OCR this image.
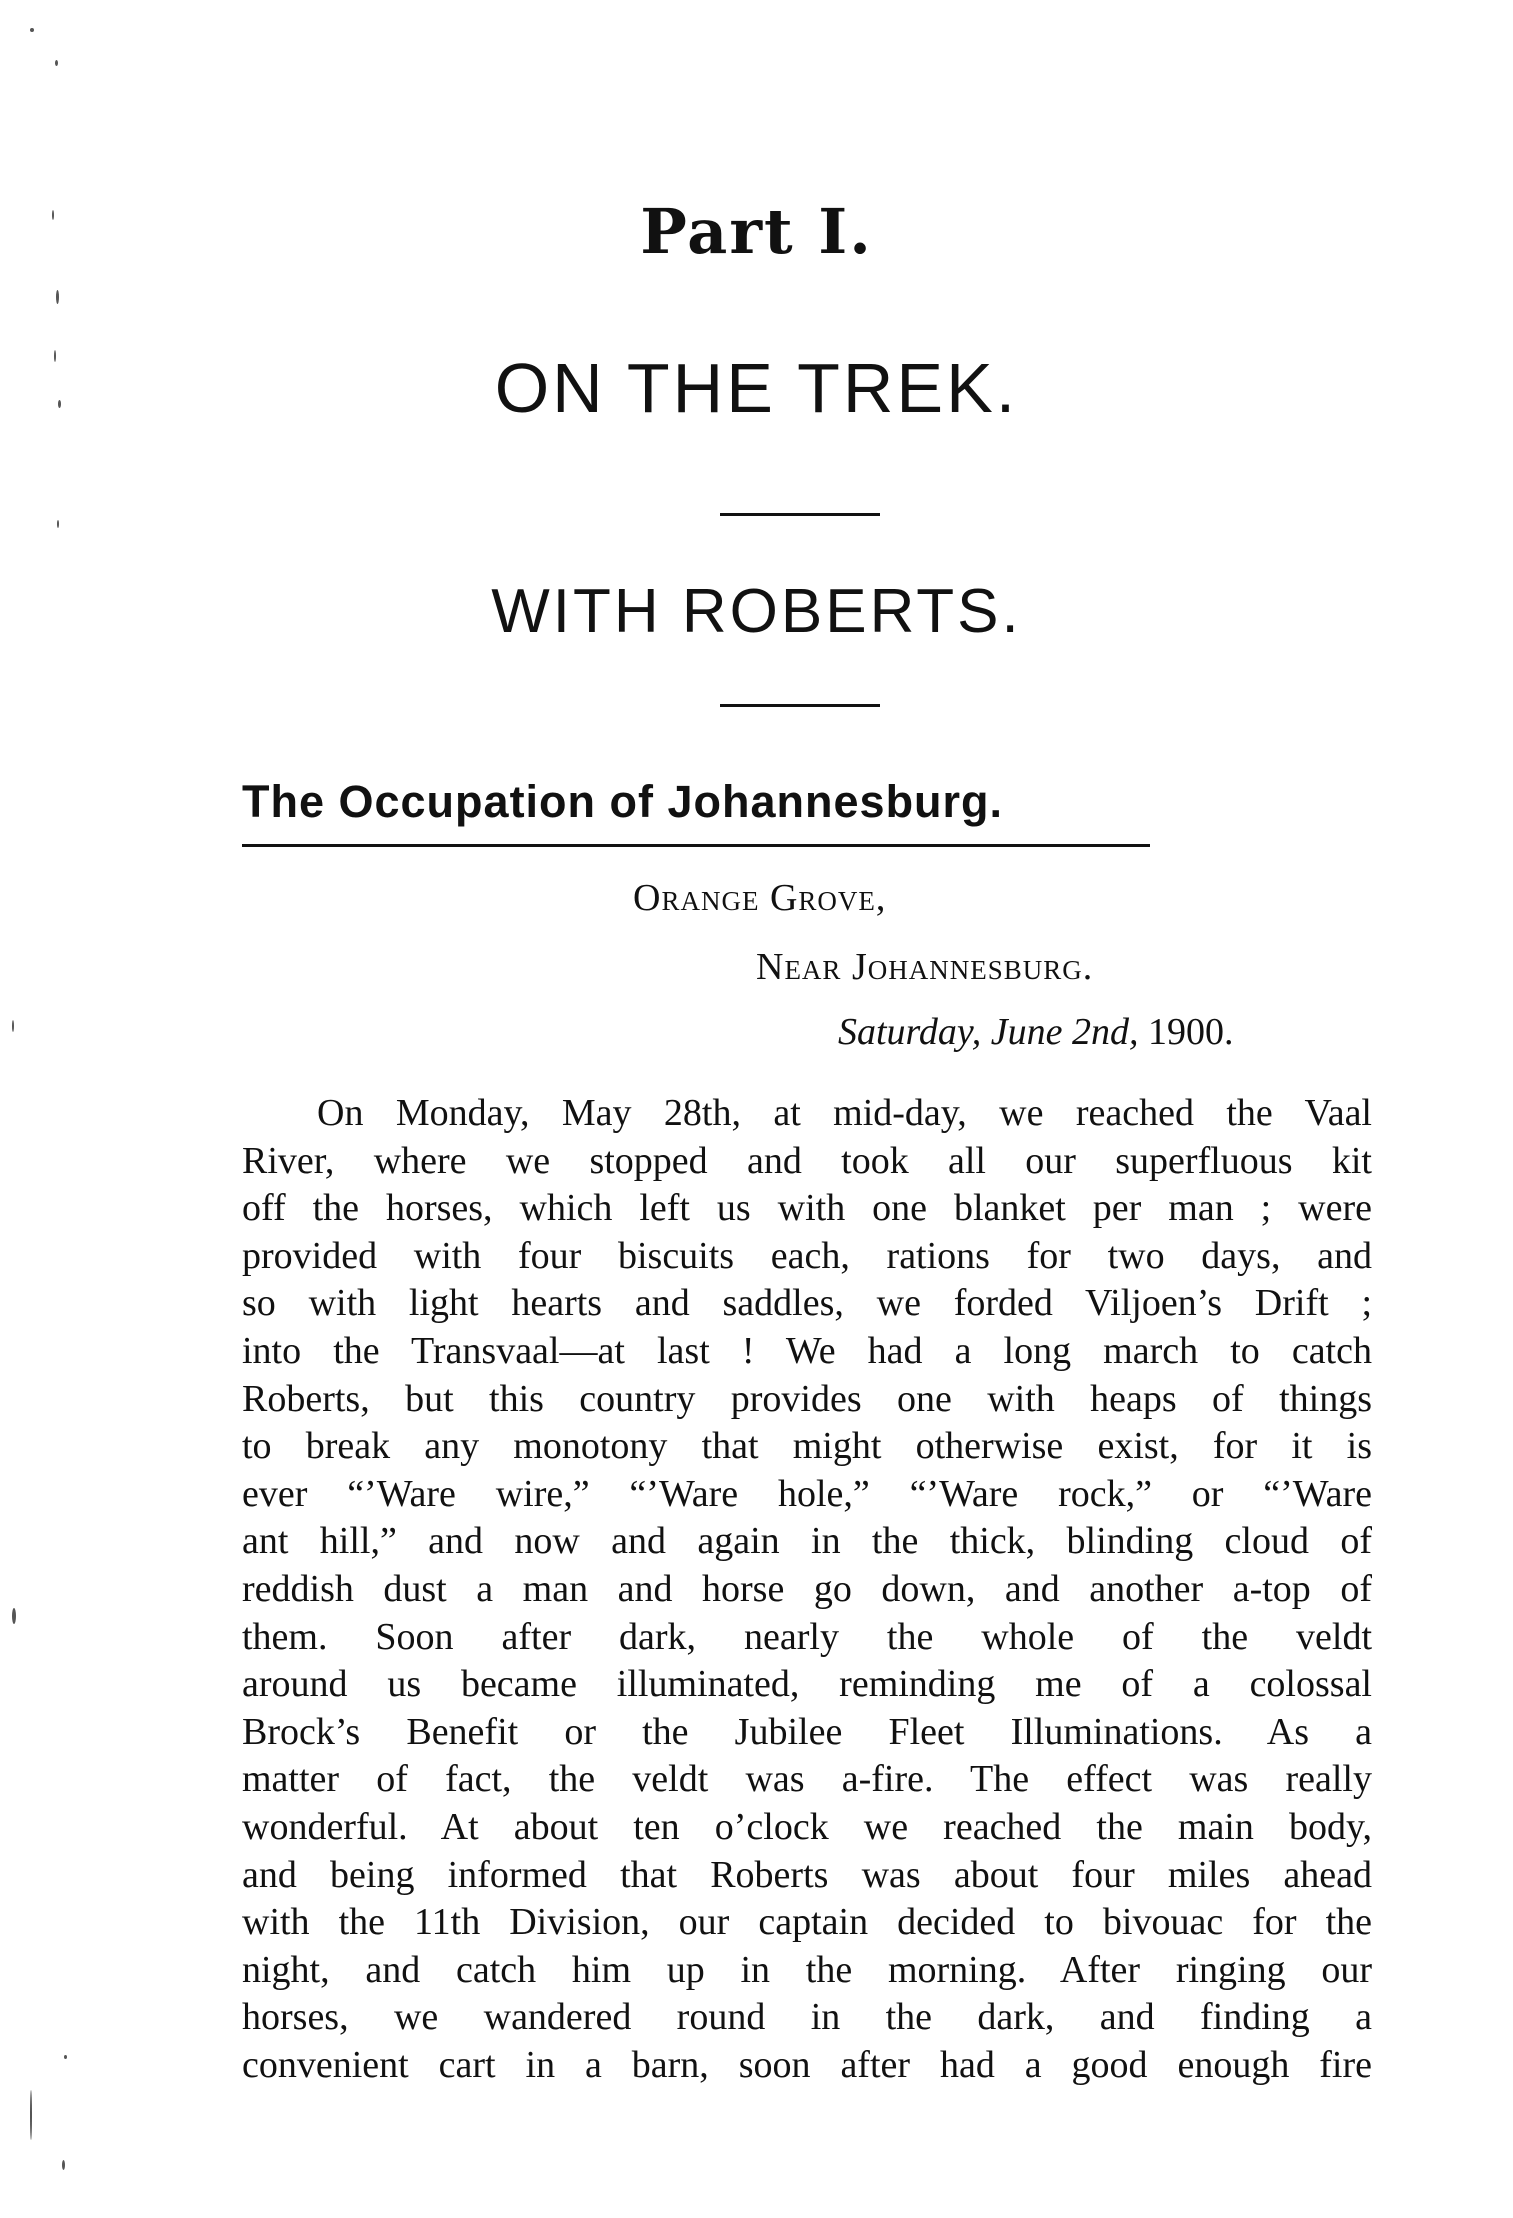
Part I.
ON THE TREK.
WITH ROBERTS.
The Occupation of Johannesburg.
Orange Grove,
Near Johannesburg.
Saturday, June 2nd, 1900.
On Monday, May 28th, at mid-day, we reached the Vaal
River, where we stopped and took all our superfluous kit
off the horses, which left us with one blanket per man ; were
provided with four biscuits each, rations for two days, and
so with light hearts and saddles, we forded Viljoen’s Drift ;
into the Transvaal—at last ! We had a long march to catch
Roberts, but this country provides one with heaps of things
to break any monotony that might otherwise exist, for it is
ever “’Ware wire,” “’Ware hole,” “’Ware rock,” or “’Ware
ant hill,” and now and again in the thick, blinding cloud of
reddish dust a man and horse go down, and another a-top of
them. Soon after dark, nearly the whole of the veldt
around us became illuminated, reminding me of a colossal
Brock’s Benefit or the Jubilee Fleet Illuminations. As a
matter of fact, the veldt was a-fire. The effect was really
wonderful. At about ten o’clock we reached the main body,
and being informed that Roberts was about four miles ahead
with the 11th Division, our captain decided to bivouac for the
night, and catch him up in the morning. After ringing our
horses, we wandered round in the dark, and finding a
convenient cart in a barn, soon after had a good enough fire
